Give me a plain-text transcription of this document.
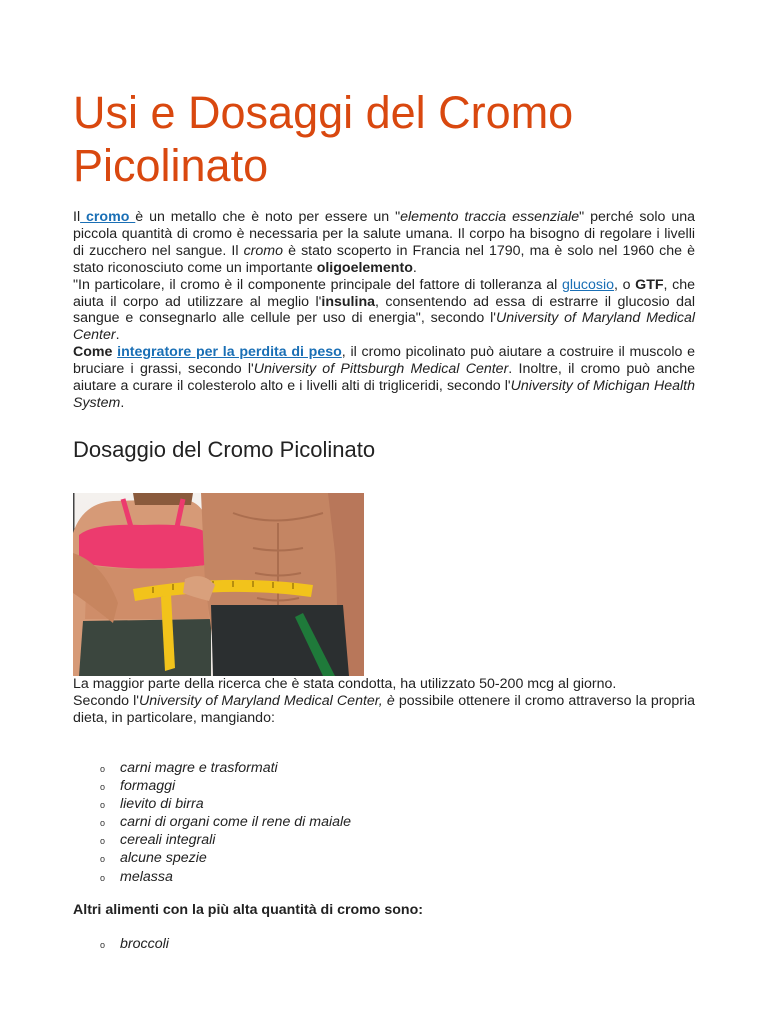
Usi e Dosaggi del Cromo Picolinato

Il cromo è un metallo che è noto per essere un "elemento traccia essenziale" perché solo una piccola quantità di cromo è necessaria per la salute umana. Il corpo ha bisogno di regolare i livelli di zucchero nel sangue. Il cromo è stato scoperto in Francia nel 1790, ma è solo nel 1960 che è stato riconosciuto come un importante oligoelemento.

"In particolare, il cromo è il componente principale del fattore di tolleranza al glucosio, o GTF, che aiuta il corpo ad utilizzare al meglio l'insulina, consentendo ad essa di estrarre il glucosio dal sangue e consegnarlo alle cellule per uso di energia", secondo l'University of Maryland Medical Center.

Come integratore per la perdita di peso, il cromo picolinato può aiutare a costruire il muscolo e bruciare i grassi, secondo l'University of Pittsburgh Medical Center. Inoltre, il cromo può anche aiutare a curare il colesterolo alto e i livelli alti di trigliceridi, secondo l'University of Michigan Health System.

Dosaggio del Cromo Picolinato

La maggior parte della ricerca che è stata condotta, ha utilizzato 50-200 mcg al giorno.

Secondo l'University of Maryland Medical Center, è possibile ottenere il cromo attraverso la propria dieta, in particolare, mangiando:

o carni magre e trasformati
o formaggi
o lievito di birra
o carni di organi come il rene di maiale
o cereali integrali
o alcune spezie
o melassa

Altri alimenti con la più alta quantità di cromo sono:

o broccoli
